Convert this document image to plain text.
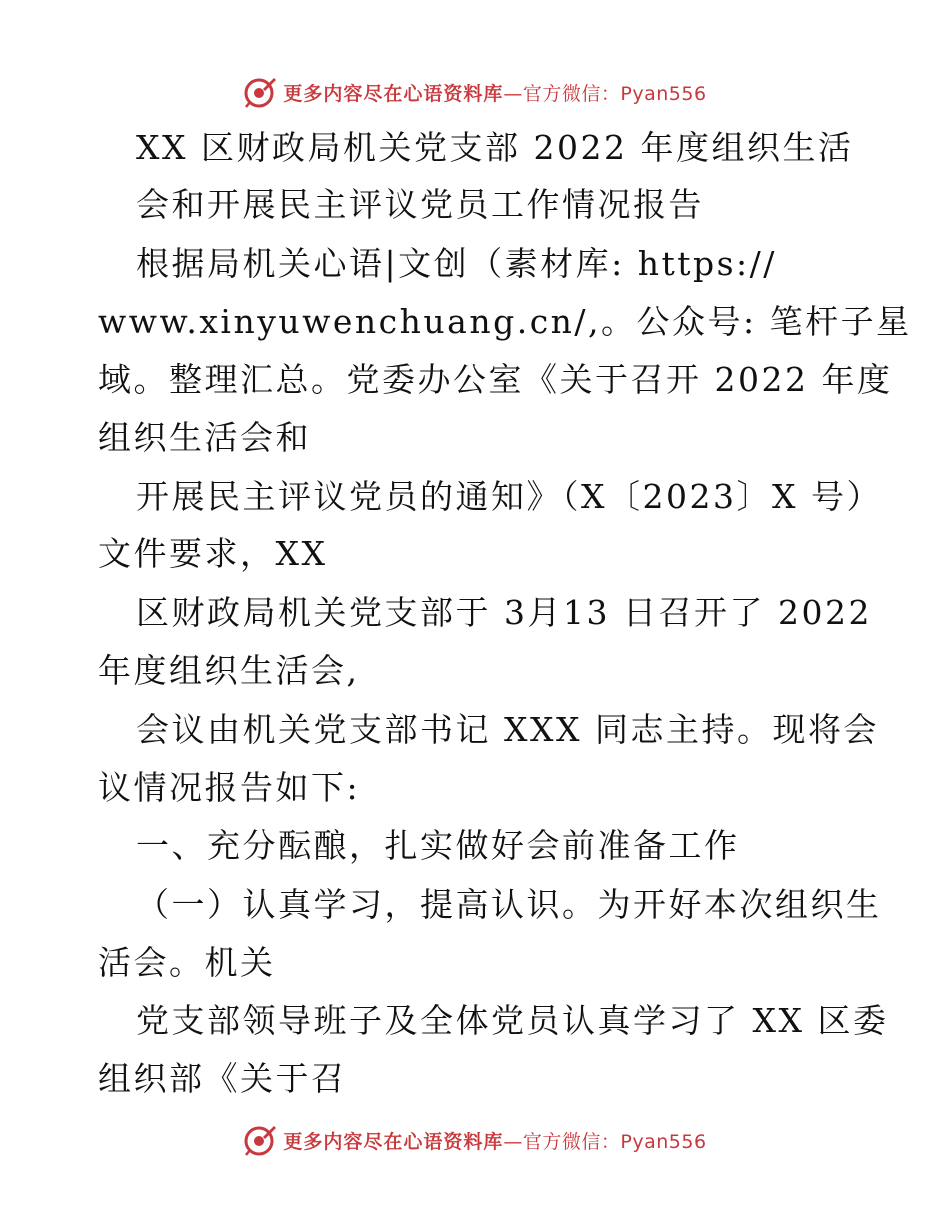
更多内容尽在心语资料库 —官方微信：Pyan556
XX 区财政局机关党支部 2022 年度组织生活
会和开展民主评议党员工作情况报告
根据局机关心语|文创（素材库: https://
www.xinyuwenchuang.cn/,。公众号: 笔杆子星
域。整理汇总。党委办公室《关于召开 2022 年度
组织生活会和
开展民主评议党员的通知》（X〔2023〕X 号）
文件要求，XX
区财政局机关党支部于 3月13 日召开了 2022
年度组织生活会,
会议由机关党支部书记 XXX 同志主持。现将会
议情况报告如下:
一、充分酝酿，扎实做好会前准备工作
（一）认真学习，提高认识。为开好本次组织生
活会。机关
党支部领导班子及全体党员认真学习了 XX 区委
组织部《关于召
更多内容尽在心语资料库 —官方微信：Pyan556
